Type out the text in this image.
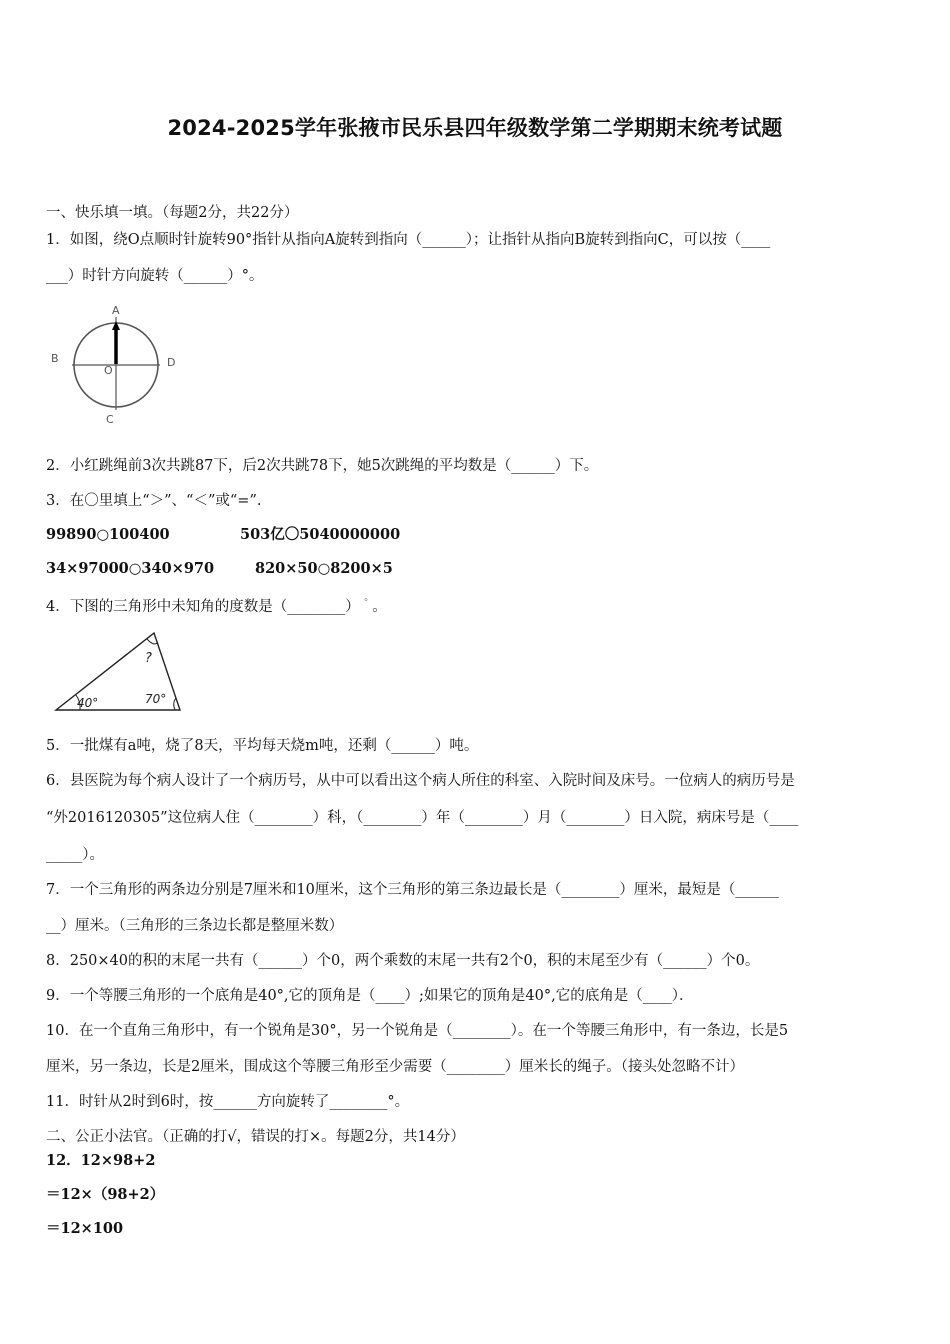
2024-2025学年张掖市民乐县四年级数学第二学期期末统考试题
一、快乐填一填。（每题2分，共22分）
1．如图，绕O点顺时针旋转90°指针从指向A旋转到指向（______）；让指针从指向B旋转到指向C，可以按（____
___）时针方向旋转（______）°。
A
B	D
O
C
2．小红跳绳前3次共跳87下，后2次共跳78下，她5次跳绳的平均数是（______）下。
3．在〇里填上“＞”、“＜”或“=”.
99890○100400	503亿〇5040000000
34×97000○340×970	820×50○8200×5
4．下图的三角形中未知角的度数是（________） ° 。
?
40°	70°
5．一批煤有a吨，烧了8天，平均每天烧m吨，还剩（______）吨。
6．县医院为每个病人设计了一个病历号，从中可以看出这个病人所住的科室、入院时间及床号。一位病人的病历号是
“外2016120305”这位病人住（________）科，（________）年（________）月（________）日入院，病床号是（____
_____）。
7．一个三角形的两条边分别是7厘米和10厘米，这个三角形的第三条边最长是（________）厘米，最短是（______
__）厘米。（三角形的三条边长都是整厘米数）
8．250×40的积的末尾一共有（______）个0，两个乘数的末尾一共有2个0，积的末尾至少有（______）个0。
9．一个等腰三角形的一个底角是40°,它的顶角是（____）;如果它的顶角是40°,它的底角是（____）．
10．在一个直角三角形中，有一个锐角是30°，另一个锐角是（________）。在一个等腰三角形中，有一条边，长是5
厘米，另一条边，长是2厘米，围成这个等腰三角形至少需要（________）厘米长的绳子。（接头处忽略不计）
11．时针从2时到6时，按______方向旋转了________°。
二、公正小法官。（正确的打√，错误的打×。每题2分，共14分）
12．12×98+2
＝12×（98+2）
＝12×100
